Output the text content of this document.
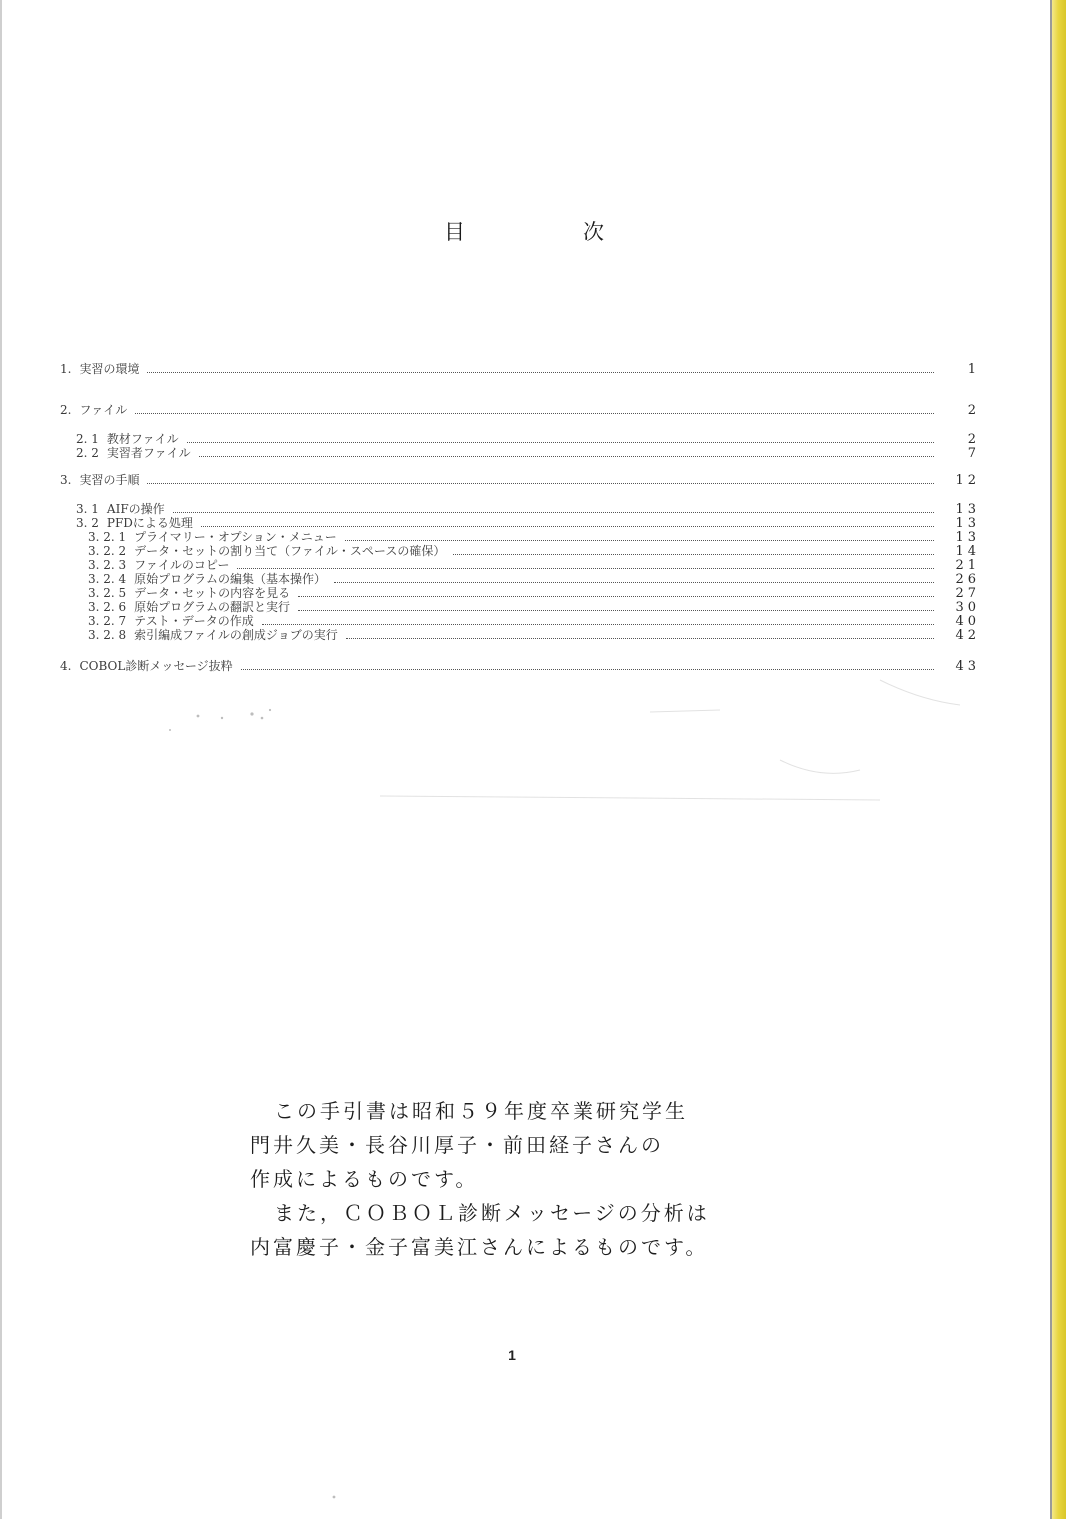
目	次
1. 実習の環境	1
2. ファイル	2
2. 1 教材ファイル	2
2. 2 実習者ファイル	7
3. 実習の手順	12
3. 1 AIFの操作	13
3. 2 PFDによる処理	13
3. 2. 1 プライマリー・オプション・メニュー	13
3. 2. 2 データ・セットの割り当て（ファイル・スペースの確保）	14
3. 2. 3 ファイルのコピー	21
3. 2. 4 原始プログラムの編集（基本操作）	26
3. 2. 5 データ・セットの内容を見る	27
3. 2. 6 原始プログラムの翻訳と実行	30
3. 2. 7 テスト・データの作成	40
3. 2. 8 索引編成ファイルの創成ジョブの実行	42
4. COBOL診断メッセージ抜粋	43

この手引書は昭和５９年度卒業研究学生

門井久美・長谷川厚子・前田経子さんの

作成によるものです。

また，ＣＯＢＯＬ診断メッセージの分析は

内富慶子・金子富美江さんによるものです。

1
